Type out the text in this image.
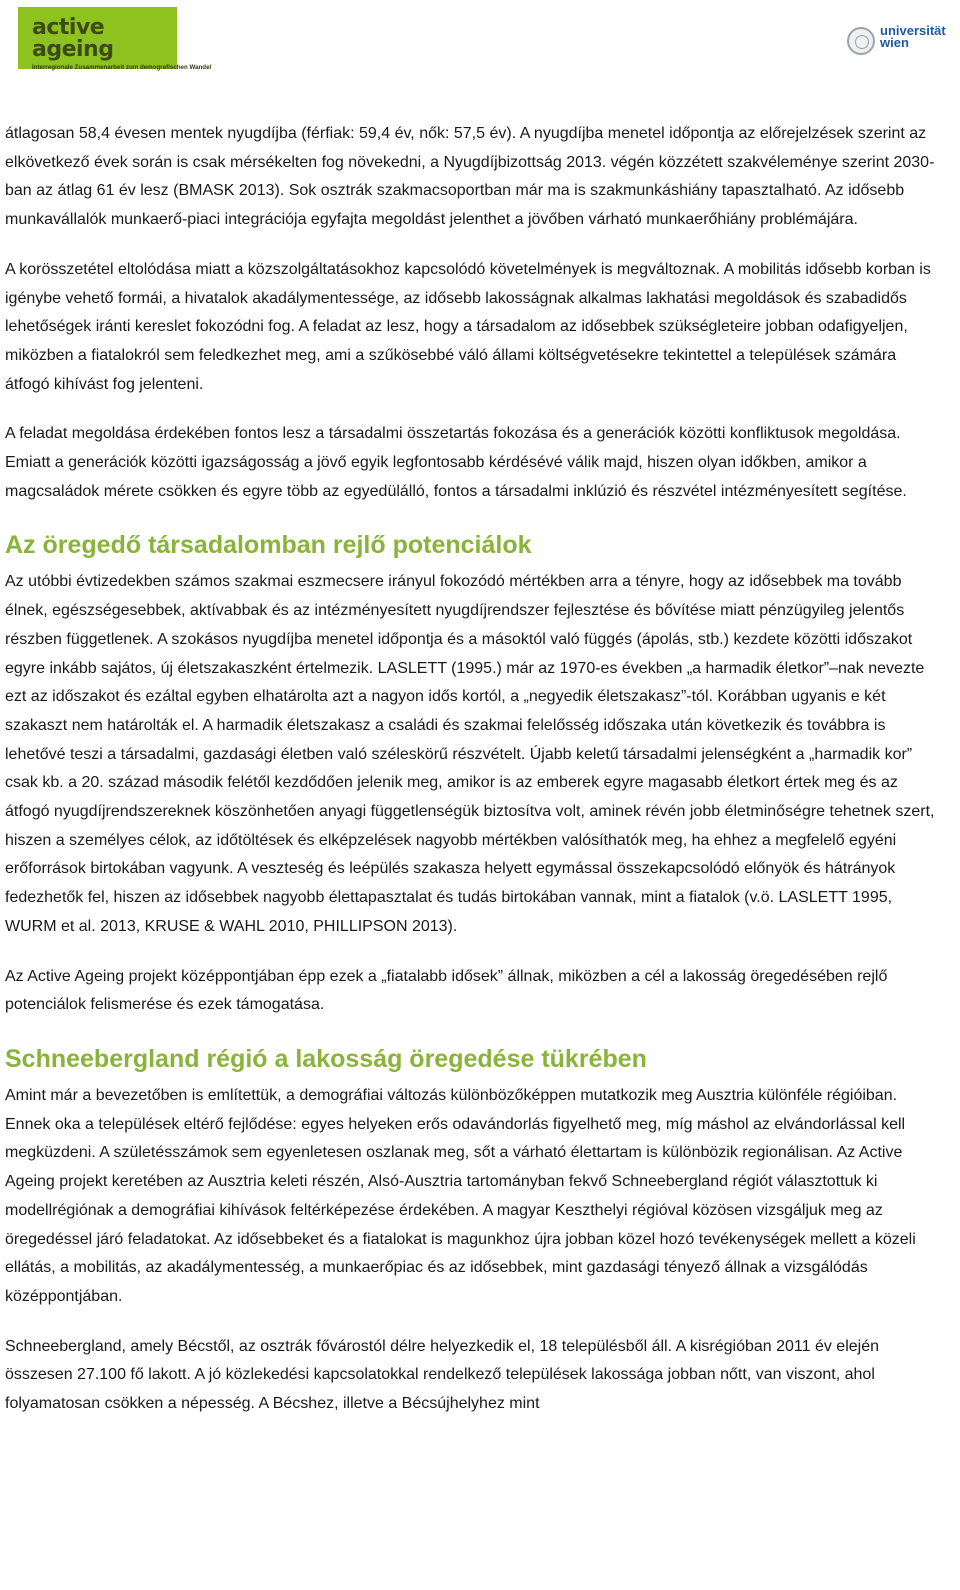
active ageing
Interregionale Zusammenarbeit zum demografischen Wandel
Interregionális együttműködés a demográfiai változások jegyében
universität
wien

átlagosan 58,4 évesen mentek nyugdíjba (férfiak: 59,4 év, nők: 57,5 év). A nyugdíjba menetel időpontja az előrejelzések szerint az elkövetkező évek során is csak mérsékelten fog növekedni, a Nyugdíjbizottság 2013. végén közzétett szakvéleménye szerint 2030-ban az átlag 61 év lesz (BMASK 2013). Sok osztrák szakmacsoportban már ma is szakmunkáshiány tapasztalható. Az idősebb munkavállalók munkaerő-piaci integrációja egyfajta megoldást jelenthet a jövőben várható munkaerőhiány problémájára.

A korösszetétel eltolódása miatt a közszolgáltatásokhoz kapcsolódó követelmények is megváltoznak. A mobilitás idősebb korban is igénybe vehető formái, a hivatalok akadálymentessége, az idősebb lakosságnak alkalmas lakhatási megoldások és szabadidős lehetőségek iránti kereslet fokozódni fog. A feladat az lesz, hogy a társadalom az idősebbek szükségleteire jobban odafigyeljen, miközben a fiatalokról sem feledkezhet meg, ami a szűkösebbé váló állami költségvetésekre tekintettel a települések számára átfogó kihívást fog jelenteni.

A feladat megoldása érdekében fontos lesz a társadalmi összetartás fokozása és a generációk közötti konfliktusok megoldása. Emiatt a generációk közötti igazságosság a jövő egyik legfontosabb kérdésévé válik majd, hiszen olyan időkben, amikor a magcsaládok mérete csökken és egyre több az egyedülálló, fontos a társadalmi inklúzió és részvétel intézményesített segítése.

Az öregedő társadalomban rejlő potenciálok

Az utóbbi évtizedekben számos szakmai eszmecsere irányul fokozódó mértékben arra a tényre, hogy az idősebbek ma tovább élnek, egészségesebbek, aktívabbak és az intézményesített nyugdíjrendszer fejlesztése és bővítése miatt pénzügyileg jelentős részben függetlenek. A szokásos nyugdíjba menetel időpontja és a másoktól való függés (ápolás, stb.) kezdete közötti időszakot egyre inkább sajátos, új életszakaszként értelmezik. LASLETT (1995.) már az 1970-es években „a harmadik életkor”–nak nevezte ezt az időszakot és ezáltal egyben elhatárolta azt a nagyon idős kortól, a „negyedik életszakasz”-tól. Korábban ugyanis e két szakaszt nem határolták el. A harmadik életszakasz a családi és szakmai felelősség időszaka után következik és továbbra is lehetővé teszi a társadalmi, gazdasági életben való széleskörű részvételt. Újabb keletű társadalmi jelenségként a „harmadik kor” csak kb. a 20. század második felétől kezdődően jelenik meg, amikor is az emberek egyre magasabb életkort értek meg és az átfogó nyugdíjrendszereknek köszönhetően anyagi függetlenségük biztosítva volt, aminek révén jobb életminőségre tehetnek szert, hiszen a személyes célok, az időtöltések és elképzelések nagyobb mértékben valósíthatók meg, ha ehhez a megfelelő egyéni erőforrások birtokában vagyunk. A veszteség és leépülés szakasza helyett egymással összekapcsolódó előnyök és hátrányok fedezhetők fel, hiszen az idősebbek nagyobb élettapasztalat és tudás birtokában vannak, mint a fiatalok (v.ö. LASLETT 1995, WURM et al. 2013, KRUSE & WAHL 2010, PHILLIPSON 2013).

Az Active Ageing projekt középpontjában épp ezek a „fiatalabb idősek” állnak, miközben a cél a lakosság öregedésében rejlő potenciálok felismerése és ezek támogatása.

Schneebergland régió a lakosság öregedése tükrében

Amint már a bevezetőben is említettük, a demográfiai változás különbözőképpen mutatkozik meg Ausztria különféle régióiban. Ennek oka a települések eltérő fejlődése: egyes helyeken erős odavándorlás figyelhető meg, míg máshol az elvándorlással kell megküzdeni. A születésszámok sem egyenletesen oszlanak meg, sőt a várható élettartam is különbözik regionálisan. Az Active Ageing projekt keretében az Ausztria keleti részén, Alsó-Ausztria tartományban fekvő Schneebergland régiót választottuk ki modellrégiónak a demográfiai kihívások feltérképezése érdekében. A magyar Keszthelyi régióval közösen vizsgáljuk meg az öregedéssel járó feladatokat. Az idősebbeket és a fiatalokat is magunkhoz újra jobban közel hozó tevékenységek mellett a közeli ellátás, a mobilitás, az akadálymentesség, a munkaerőpiac és az idősebbek, mint gazdasági tényező állnak a vizsgálódás középpontjában.

Schneebergland, amely Bécstől, az osztrák fővárostól délre helyezkedik el, 18 településből áll. A kisrégióban 2011 év elején összesen 27.100 fő lakott. A jó közlekedési kapcsolatokkal rendelkező települések lakossága jobban nőtt, van viszont, ahol folyamatosan csökken a népesség. A Bécshez, illetve a Bécsújhelyhez mint
